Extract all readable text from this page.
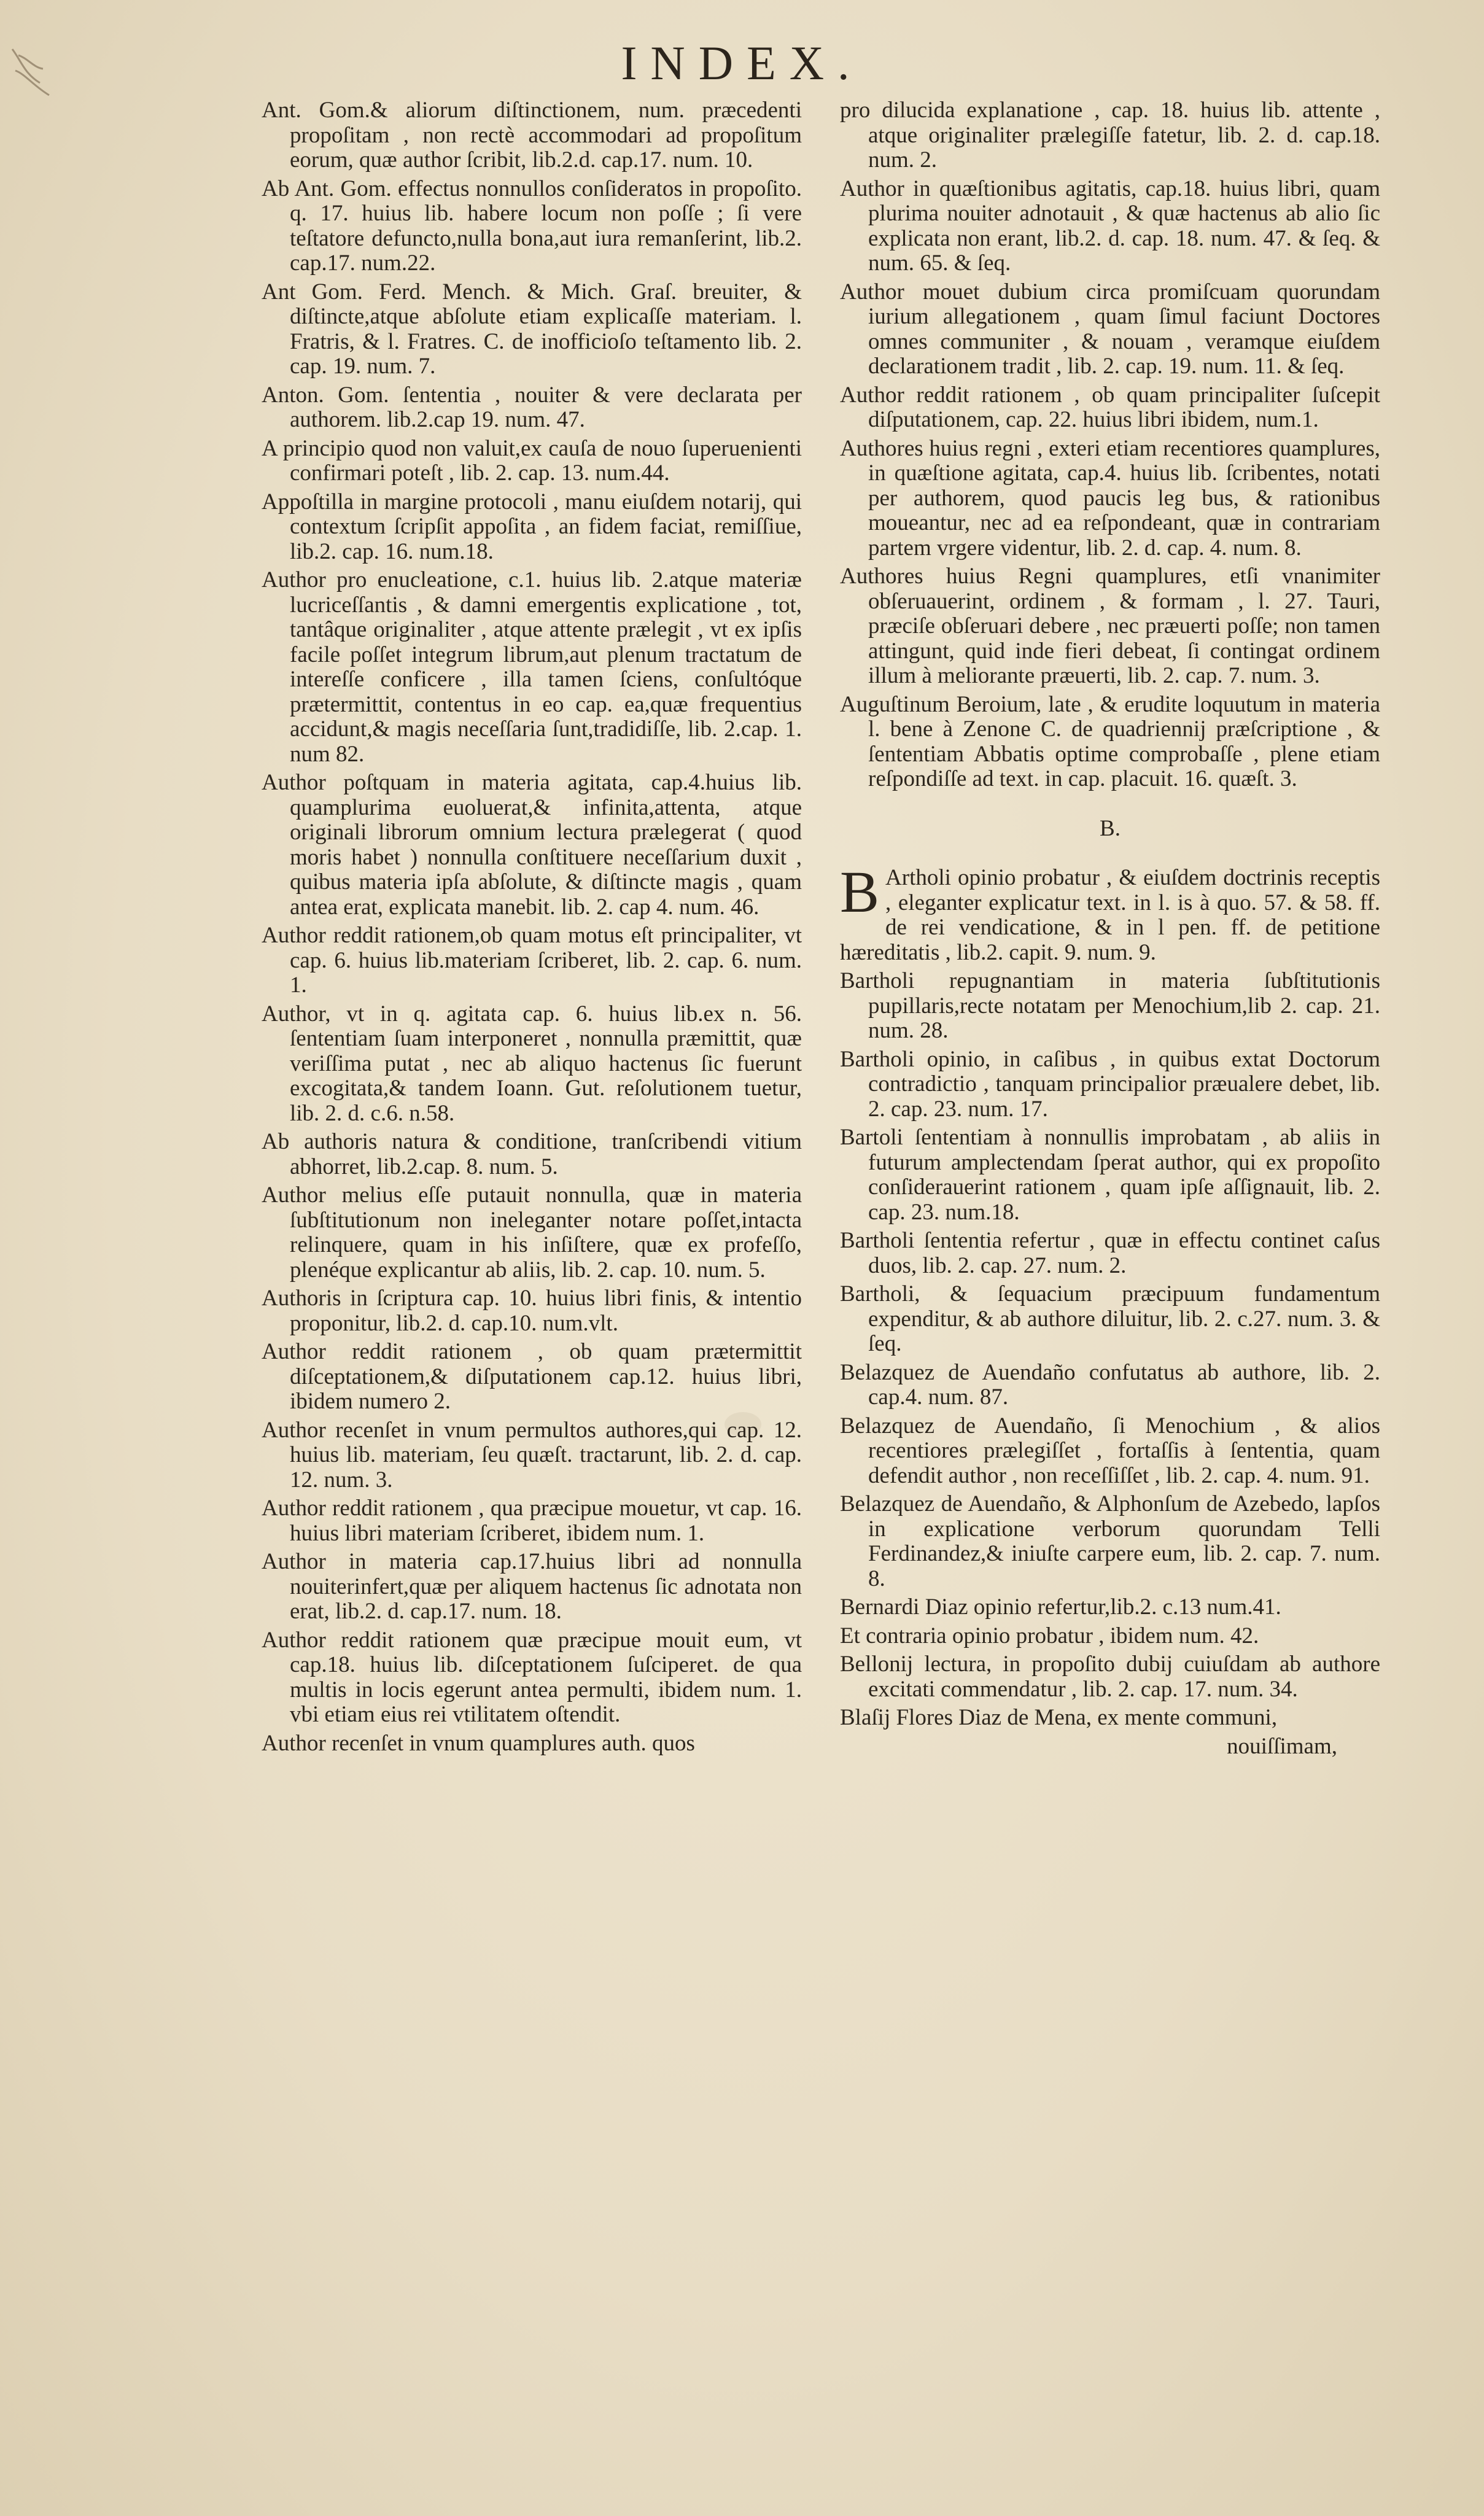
INDEX.

Ant. Gom.& aliorum diſtinctionem, num. præcedenti propoſitam , non rectè accommodari ad propoſitum eorum, quæ author ſcribit, lib.2.d. cap.17. num. 10.

Ab Ant. Gom. effectus nonnullos conſideratos in propoſito. q. 17. huius lib. habere locum non poſſe ; ſi vere teſtatore defuncto,nulla bona,aut iura remanſerint, lib.2. cap.17. num.22.

Ant Gom. Ferd. Mench. & Mich. Graſ. breuiter, & diſtincte,atque abſolute etiam explicaſſe materiam. l. Fratris, & l. Fratres. C. de inofficioſo teſtamento lib. 2. cap. 19. num. 7.

Anton. Gom. ſententia , nouiter & vere declarata per authorem. lib.2.cap 19. num. 47.

A principio quod non valuit,ex cauſa de nouo ſuperuenienti confirmari poteſt , lib. 2. cap. 13. num.44.

Appoſtilla in margine protocoli , manu eiuſdem notarij, qui contextum ſcripſit appoſita , an fidem faciat, remiſſiue, lib.2. cap. 16. num.18.

Author pro enucleatione, c.1. huius lib. 2.atque materiæ lucriceſſantis , & damni emergentis explicatione , tot, tantâque originaliter , atque attente prælegit , vt ex ipſis facile poſſet integrum librum,aut plenum tractatum de intereſſe conficere , illa tamen ſciens, conſultóque prætermittit, contentus in eo cap. ea,quæ frequentius accidunt,& magis neceſſaria ſunt,tradidiſſe, lib. 2.cap. 1. num 82.

Author poſtquam in materia agitata, cap.4.huius lib. quamplurima euoluerat,& infinita,attenta, atque originali librorum omnium lectura prælegerat ( quod moris habet ) nonnulla conſtituere neceſſarium duxit , quibus materia ipſa abſolute, & diſtincte magis , quam antea erat, explicata manebit. lib. 2. cap 4. num. 46.

Author reddit rationem,ob quam motus eſt principaliter, vt cap. 6. huius lib.materiam ſcriberet, lib. 2. cap. 6. num. 1.

Author, vt in q. agitata cap. 6. huius lib.ex n. 56. ſententiam ſuam interponeret , nonnulla præmittit, quæ veriſſima putat , nec ab aliquo hactenus ſic fuerunt excogitata,& tandem Ioann. Gut. reſolutionem tuetur, lib. 2. d. c.6. n.58.

Ab authoris natura & conditione, tranſcribendi vitium abhorret, lib.2.cap. 8. num. 5.

Author melius eſſe putauit nonnulla, quæ in materia ſubſtitutionum non ineleganter notare poſſet,intacta relinquere, quam in his inſiſtere, quæ ex profeſſo, plenéque explicantur ab aliis, lib. 2. cap. 10. num. 5.

Authoris in ſcriptura cap. 10. huius libri finis, & intentio proponitur, lib.2. d. cap.10. num.vlt.

Author reddit rationem , ob quam prætermittit diſceptationem,& diſputationem cap.12. huius libri, ibidem numero 2.

Author recenſet in vnum permultos authores,qui cap. 12. huius lib. materiam, ſeu quæſt. tractarunt, lib. 2. d. cap. 12. num. 3.

Author reddit rationem , qua præcipue mouetur, vt cap. 16. huius libri materiam ſcriberet, ibidem num. 1.

Author in materia cap.17.huius libri ad nonnulla nouiterinfert,quæ per aliquem hactenus ſic adnotata non erat, lib.2. d. cap.17. num. 18.

Author reddit rationem quæ præcipue mouit eum, vt cap.18. huius lib. diſceptationem ſuſciperet. de qua multis in locis egerunt antea permulti, ibidem num. 1. vbi etiam eius rei vtilitatem oſtendit.

Author recenſet in vnum quamplures auth. quos

pro dilucida explanatione , cap. 18. huius lib. attente , atque originaliter prælegiſſe fatetur, lib. 2. d. cap.18. num. 2.

Author in quæſtionibus agitatis, cap.18. huius libri, quam plurima nouiter adnotauit , & quæ hactenus ab alio ſic explicata non erant, lib.2. d. cap. 18. num. 47. & ſeq. & num. 65. & ſeq.

Author mouet dubium circa promiſcuam quorundam iurium allegationem , quam ſimul faciunt Doctores omnes communiter , & nouam , veramque eiuſdem declarationem tradit , lib. 2. cap. 19. num. 11. & ſeq.

Author reddit rationem , ob quam principaliter ſuſcepit diſputationem, cap. 22. huius libri ibidem, num.1.

Authores huius regni , exteri etiam recentiores quamplures, in quæſtione agitata, cap.4. huius lib. ſcribentes, notati per authorem, quod paucis leg bus, & rationibus moueantur, nec ad ea reſpondeant, quæ in contrariam partem vrgere videntur, lib. 2. d. cap. 4. num. 8.

Authores huius Regni quamplures, etſi vnanimiter obſeruauerint, ordinem , & formam , l. 27. Tauri, præciſe obſeruari debere , nec præuerti poſſe; non tamen attingunt, quid inde fieri debeat, ſi contingat ordinem illum à meliorante præuerti, lib. 2. cap. 7. num. 3.

Auguſtinum Beroium, late , & erudite loquutum in materia l. bene à Zenone C. de quadriennij præſcriptione , & ſententiam Abbatis optime comprobaſſe , plene etiam reſpondiſſe ad text. in cap. placuit. 16. quæſt. 3.

B.

B Artholi opinio probatur , & eiuſdem doctrinis receptis , eleganter explicatur text. in l. is à quo. 57. & 58. ff. de rei vendicatione, & in l pen. ff. de petitione hæreditatis , lib.2. capit. 9. num. 9.

Bartholi repugnantiam in materia ſubſtitutionis pupillaris,recte notatam per Menochium,lib 2. cap. 21. num. 28.

Bartholi opinio, in caſibus , in quibus extat Doctorum contradictio , tanquam principalior præualere debet, lib. 2. cap. 23. num. 17.

Bartoli ſententiam à nonnullis improbatam , ab aliis in futurum amplectendam ſperat author, qui ex propoſito conſiderauerint rationem , quam ipſe aſſignauit, lib. 2. cap. 23. num.18.

Bartholi ſententia refertur , quæ in effectu continet caſus duos, lib. 2. cap. 27. num. 2.

Bartholi, & ſequacium præcipuum fundamentum expenditur, & ab authore diluitur, lib. 2. c.27. num. 3. & ſeq.

Belazquez de Auendaño confutatus ab authore, lib. 2. cap.4. num. 87.

Belazquez de Auendaño, ſi Menochium , & alios recentiores prælegiſſet , fortaſſis à ſententia, quam defendit author , non receſſiſſet , lib. 2. cap. 4. num. 91.

Belazquez de Auendaño, & Alphonſum de Azebedo, lapſos in explicatione verborum quorundam Telli Ferdinandez,& iniuſte carpere eum, lib. 2. cap. 7. num. 8.

Bernardi Diaz opinio refertur,lib.2. c.13 num.41.

Et contraria opinio probatur , ibidem num. 42.

Bellonij lectura, in propoſito dubij cuiuſdam ab authore excitati commendatur , lib. 2. cap. 17. num. 34.

Blaſij Flores Diaz de Mena, ex mente communi,

nouiſſimam,
